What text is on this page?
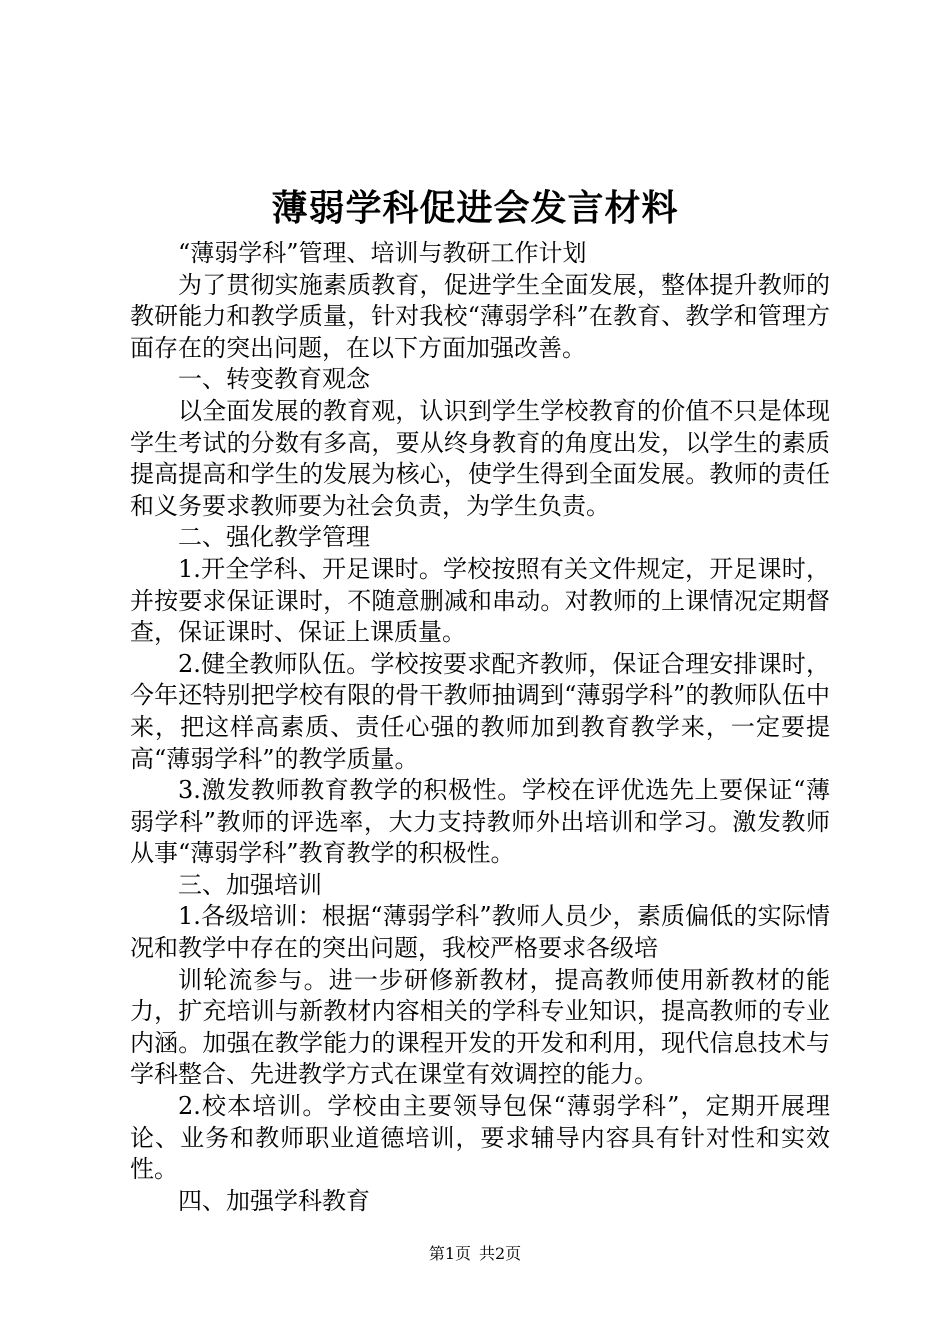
薄弱学科促进会发言材料

“薄弱学科”管理、培训与教研工作计划

为了贯彻实施素质教育，促进学生全面发展，整体提升教师的教研能力和教学质量，针对我校“薄弱学科”在教育、教学和管理方面存在的突出问题，在以下方面加强改善。

一、转变教育观念

以全面发展的教育观，认识到学生学校教育的价值不只是体现学生考试的分数有多高，要从终身教育的角度出发，以学生的素质提高提高和学生的发展为核心，使学生得到全面发展。教师的责任和义务要求教师要为社会负责，为学生负责。

二、强化教学管理

1.开全学科、开足课时。学校按照有关文件规定，开足课时，并按要求保证课时，不随意删减和串动。对教师的上课情况定期督查，保证课时、保证上课质量。

2.健全教师队伍。学校按要求配齐教师，保证合理安排课时，今年还特别把学校有限的骨干教师抽调到“薄弱学科”的教师队伍中来，把这样高素质、责任心强的教师加到教育教学来，一定要提高“薄弱学科”的教学质量。

3.激发教师教育教学的积极性。学校在评优选先上要保证“薄弱学科”教师的评选率，大力支持教师外出培训和学习。激发教师从事“薄弱学科”教育教学的积极性。

三、加强培训

1.各级培训：根据“薄弱学科”教师人员少，素质偏低的实际情况和教学中存在的突出问题，我校严格要求各级培

训轮流参与。进一步研修新教材，提高教师使用新教材的能力，扩充培训与新教材内容相关的学科专业知识，提高教师的专业内涵。加强在教学能力的课程开发的开发和利用，现代信息技术与学科整合、先进教学方式在课堂有效调控的能力。

2.校本培训。学校由主要领导包保“薄弱学科”，定期开展理论、业务和教师职业道德培训，要求辅导内容具有针对性和实效性。

四、加强学科教育

第1页 共2页
